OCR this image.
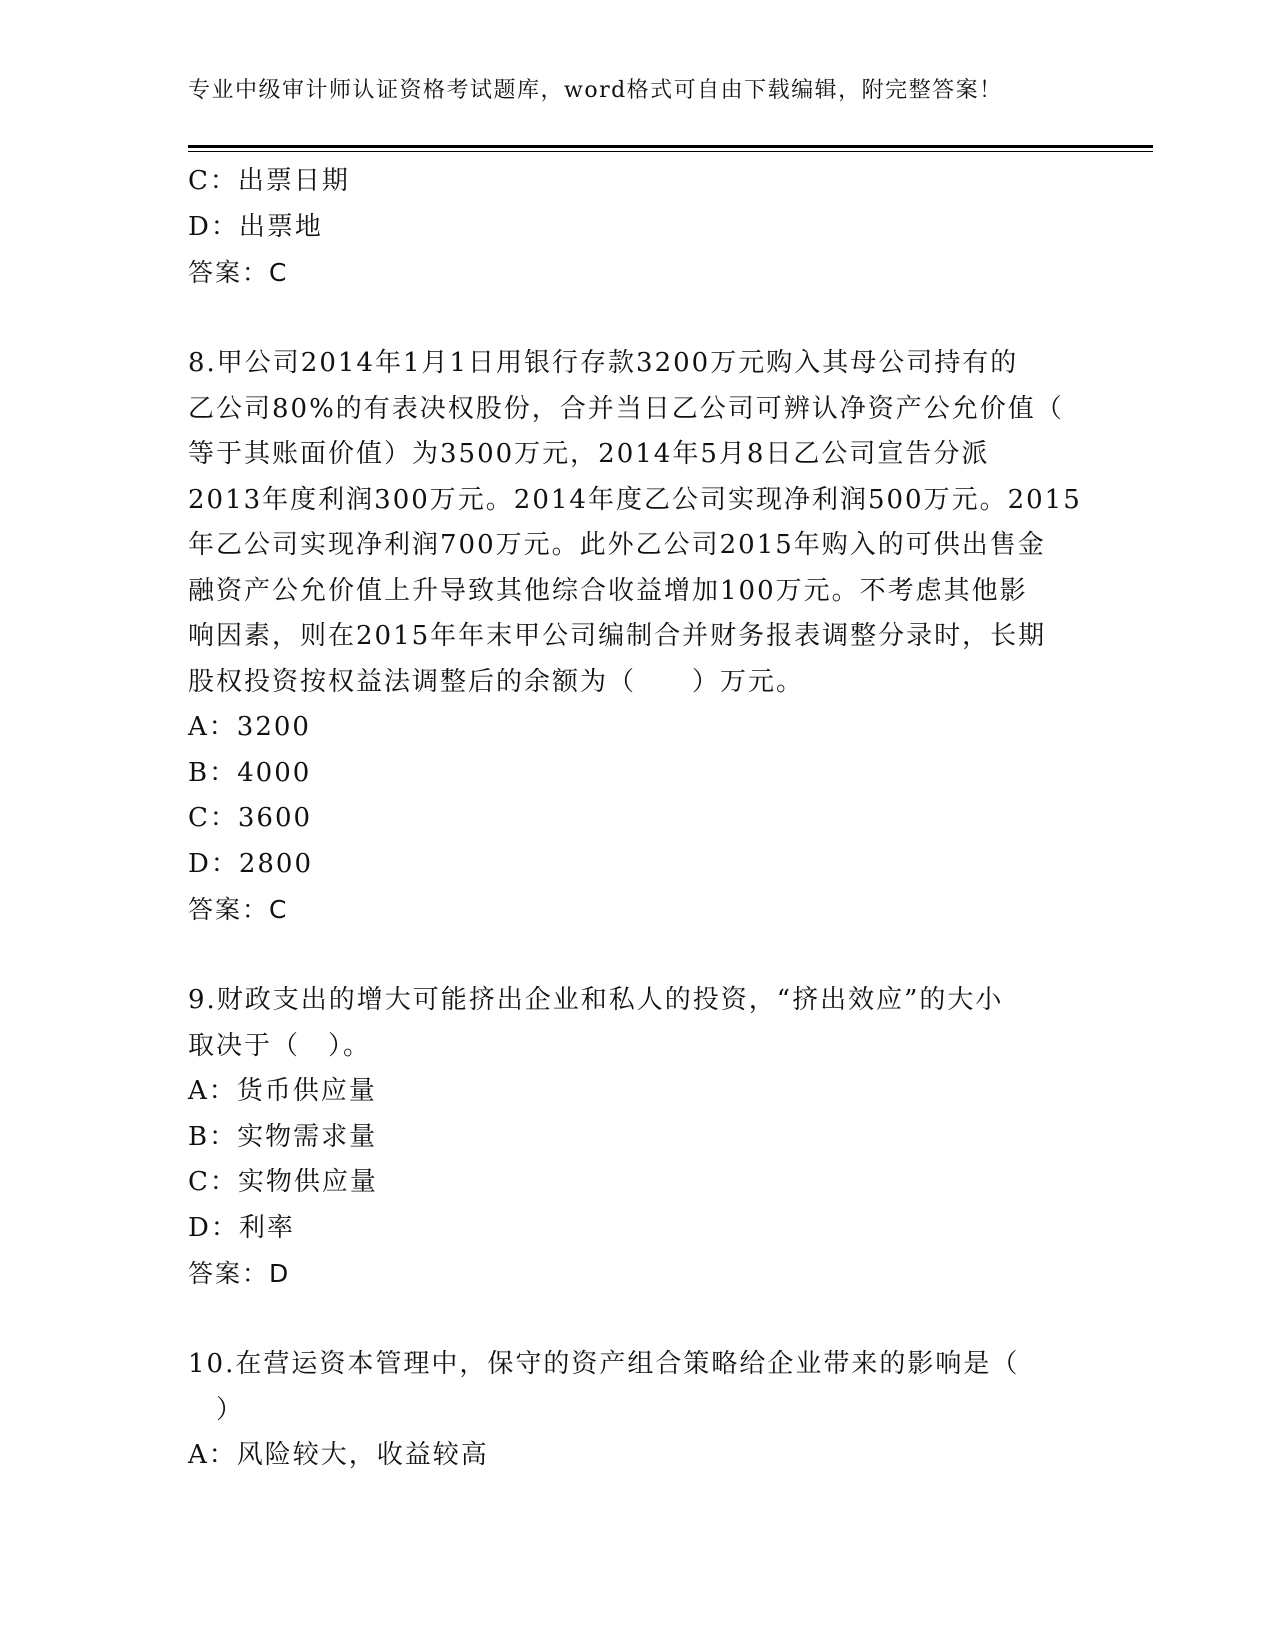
专业中级审计师认证资格考试题库，word格式可自由下载编辑，附完整答案！

C：出票日期

D：出票地

答案：C

8.甲公司2014年1月1日用银行存款3200万元购入其母公司持有的

乙公司80%的有表决权股份，合并当日乙公司可辨认净资产公允价值（

等于其账面价值）为3500万元，2014年5月8日乙公司宣告分派

2013年度利润300万元。2014年度乙公司实现净利润500万元。2015

年乙公司实现净利润700万元。此外乙公司2015年购入的可供出售金

融资产公允价值上升导致其他综合收益增加100万元。不考虑其他影

响因素，则在2015年年末甲公司编制合并财务报表调整分录时，长期

股权投资按权益法调整后的余额为（　　）万元。

A：3200

B：4000

C：3600

D：2800

答案：C

9.财政支出的增大可能挤出企业和私人的投资，“挤出效应”的大小

取决于（　）。

A：货币供应量

B：实物需求量

C：实物供应量

D：利率

答案：D

10.在营运资本管理中，保守的资产组合策略给企业带来的影响是（

　）

A：风险较大，收益较高
